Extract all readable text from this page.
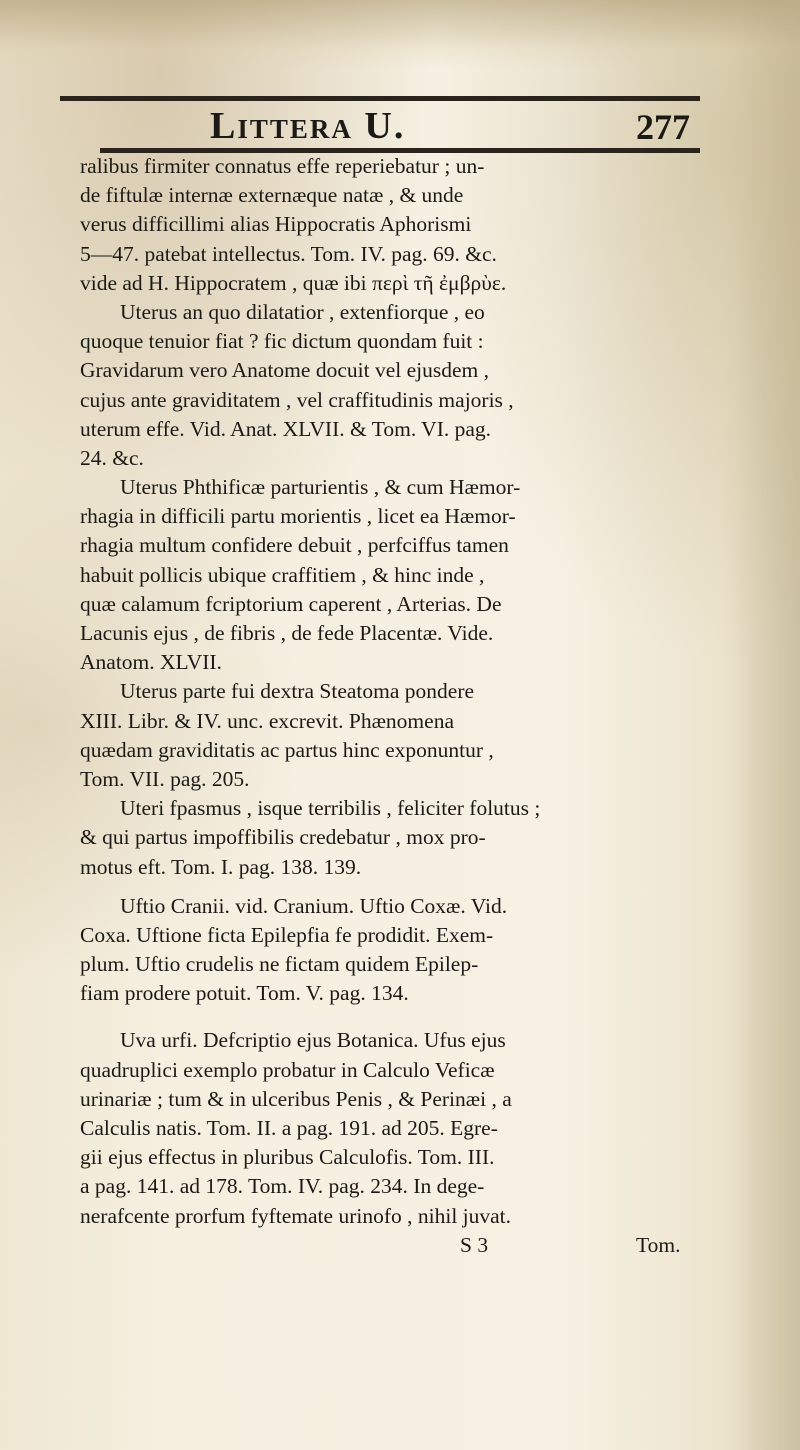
Litt​era U.	277

ralibus firmiter connatus effe reperiebatur ; un-
de fiftulæ internæ externæque natæ , & unde
verus difficillimi alias Hippocratis Aphorismi
5—47. patebat intellectus. Tom. IV. pag. 69. &c.
vide ad H. Hippocratem , quæ ibi περὶ τῆ ἐμβρὺε.

Uterus an quo dilatatior , extenfiorque , eo
quoque tenuior fiat ? fic dictum quondam fuit :
Gravidarum vero Anatome docuit vel ejusdem ,
cujus ante graviditatem , vel craffitudinis majoris ,
uterum effe. Vid. Anat. XLVII. & Tom. VI. pag.
24. &c.

Uterus Phthificæ parturientis , & cum Hæmor-
rhagia in difficili partu morientis , licet ea Hæmor-
rhagia multum confidere debuit , perfciffus tamen
habuit pollicis ubique craffitiem , & hinc inde ,
quæ calamum fcriptorium caperent , Arterias. De
Lacunis ejus , de fibris , de fede Placentæ. Vide.
Anatom. XLVII.

Uterus parte fui dextra Steatoma pondere
XIII. Libr. & IV. unc. excrevit. Phænomena
quædam graviditatis ac partus hinc exponuntur ,
Tom. VII. pag. 205.

Uteri fpasmus , isque terribilis , feliciter folutus ;
& qui partus impoffibilis credebatur , mox pro-
motus eft. Tom. I. pag. 138. 139.

Uftio Cranii. vid. Cranium. Uftio Coxæ. Vid.
Coxa. Uftione ficta Epilepfia fe prodidit. Exem-
plum. Uftio crudelis ne fictam quidem Epilep-
fiam prodere potuit. Tom. V. pag. 134.

Uva urfi. Defcriptio ejus Botanica. Ufus ejus
quadruplici exemplo probatur in Calculo Veficæ
urinariæ ; tum & in ulceribus Penis , & Perinæi , a
Calculis natis. Tom. II. a pag. 191. ad 205. Egre-
gii ejus effectus in pluribus Calculofis. Tom. III.
a pag. 141. ad 178. Tom. IV. pag. 234. In dege-
nerafcente prorfum fyftemate urinofo , nihil juvat.

S 3	Tom.
